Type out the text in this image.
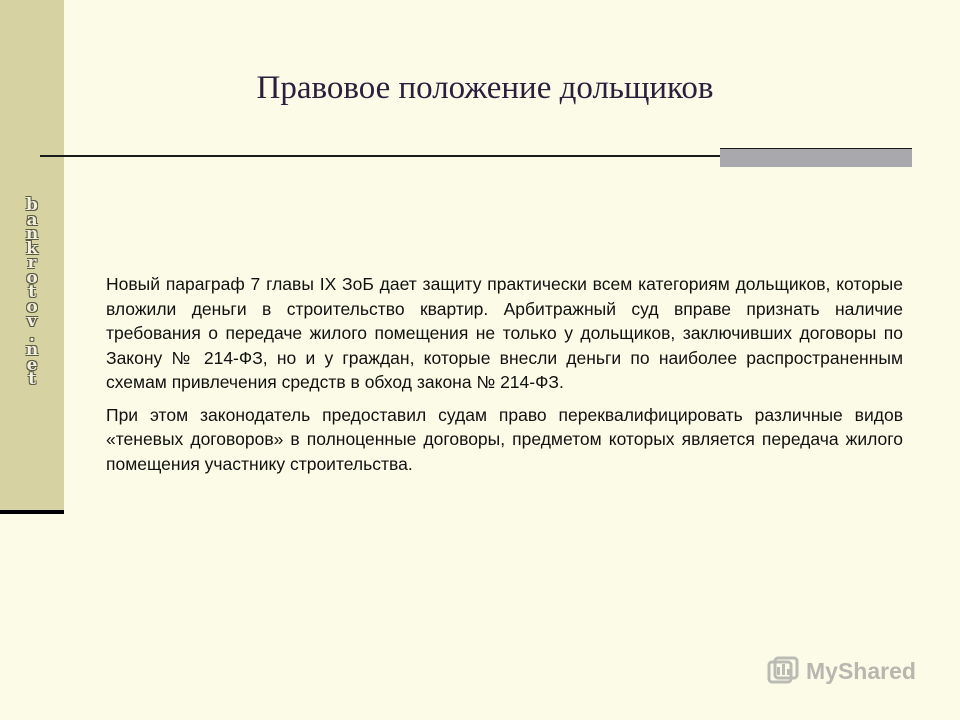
b
a
n
k
r
o
t
o
v
.
n
e
t
Правовое положение дольщиков

Новый параграф 7 главы IX ЗоБ дает защиту практически всем категориям дольщиков, которые вложили деньги в строительство квартир. Арбитражный суд вправе признать наличие требования о передаче жилого помещения не только у дольщиков, заключивших договоры по Закону № 214-ФЗ, но и у граждан, которые внесли деньги по наиболее распространенным схемам привлечения средств в обход закона № 214-ФЗ.

При этом законодатель предоставил судам право переквалифицировать различные видов «теневых договоров» в полноценные договоры, предметом которых является передача жилого помещения участнику строительства.

MyShared
